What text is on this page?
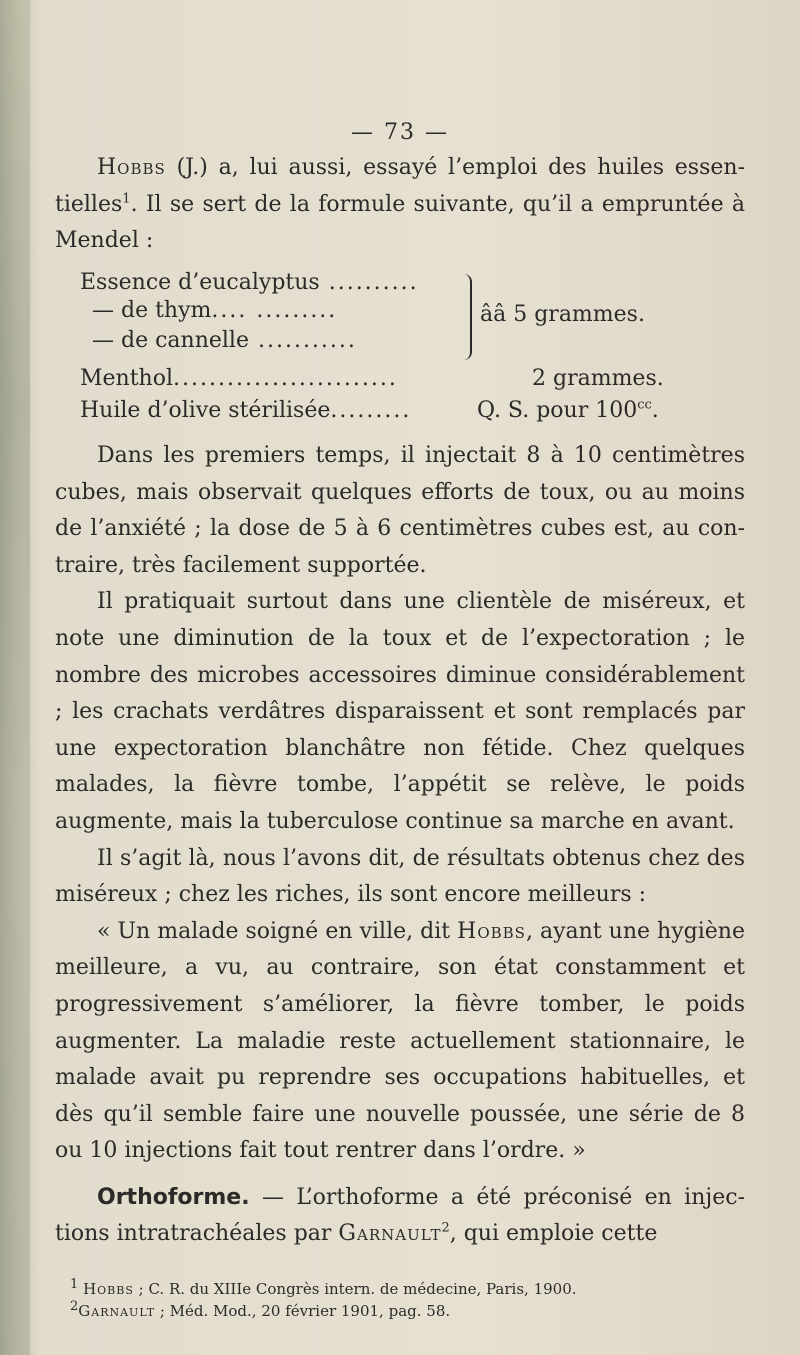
— 73 —

Hobbs (J.) a, lui aussi, essayé l’emploi des huiles essentielles$^1$. Il se sert de la formule suivante, qu’il a empruntée à Mendel :

Essence d’eucalyptus ..........
— de thym.... .........
— de cannelle ...........
ââ 5 grammes.
Menthol.........................	2 grammes.
Huile d’olive stérilisée.........	Q. S. pour $100^{cc}$.

Dans les premiers temps, il injectait 8 à 10 centimètres cubes, mais observait quelques efforts de toux, ou au moins de l’anxiété ; la dose de 5 à 6 centimètres cubes est, au contraire, très facilement supportée.

Il pratiquait surtout dans une clientèle de miséreux, et note une diminution de la toux et de l’expectoration ; le nombre des microbes accessoires diminue considérablement ; les crachats verdâtres disparaissent et sont remplacés par une expectoration blanchâtre non fétide. Chez quelques malades, la fièvre tombe, l’appétit se relève, le poids augmente, mais la tuberculose continue sa marche en avant.

Il s’agit là, nous l’avons dit, de résultats obtenus chez des miséreux ; chez les riches, ils sont encore meilleurs :

« Un malade soigné en ville, dit Hobbs, ayant une hygiène meilleure, a vu, au contraire, son état constamment et progressivement s’améliorer, la fièvre tomber, le poids augmenter. La maladie reste actuellement stationnaire, le malade avait pu reprendre ses occupations habituelles, et dès qu’il semble faire une nouvelle poussée, une série de 8 ou 10 injections fait tout rentrer dans l’ordre. »

Orthoforme. — L’orthoforme a été préconisé en injections intratrachéales par Garnault$^2$, qui emploie cette

$^1$ Hobbs ; C. R. du XIIIe Congrès intern. de médecine, Paris, 1900.

$^2$Garnault ; Méd. Mod., 20 février 1901, pag. 58.
